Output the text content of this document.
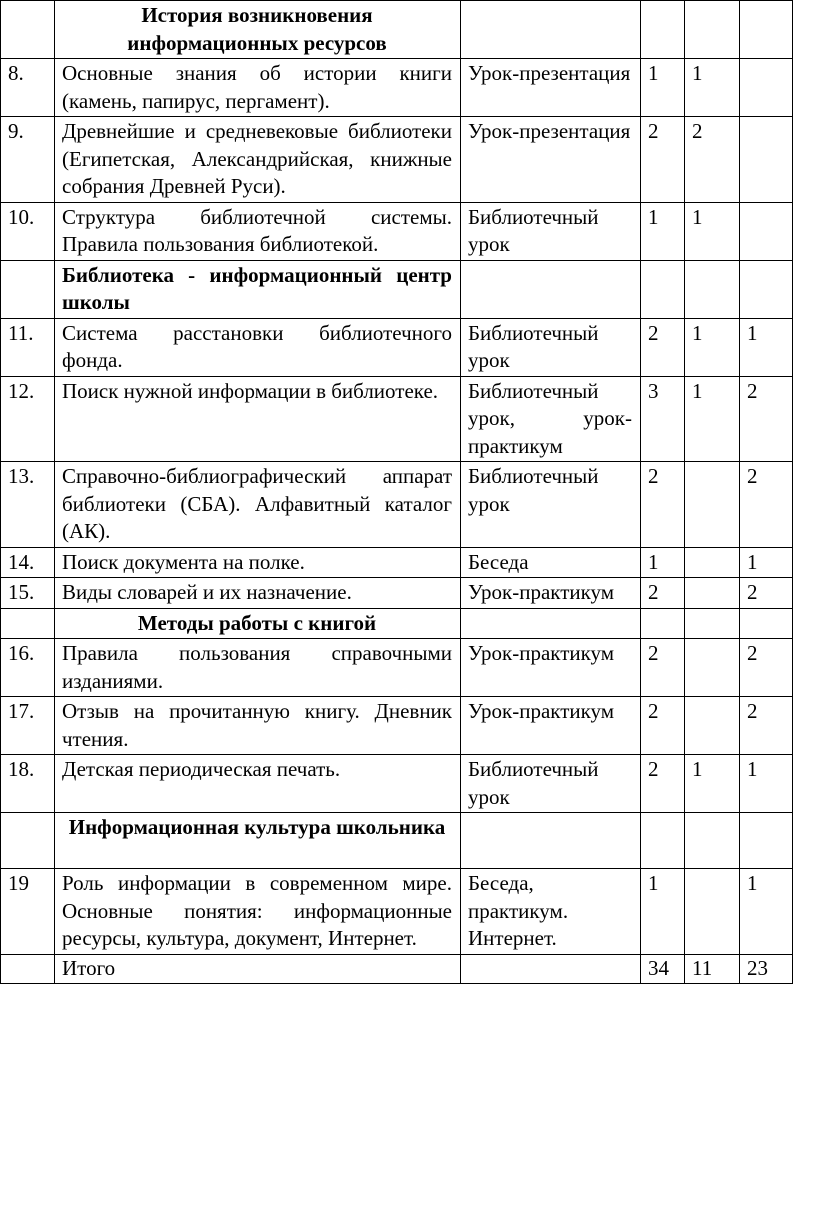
	История возникновения информационных ресурсов				
8.	Основные знания об истории книги (камень, папирус, пергамент).	Урок-презентация	1	1	
9.	Древнейшие и средневековые библиотеки (Египетская, Александрийская, книжные собрания Древней Руси).	Урок-презентация	2	2	
10.	Структура библиотечной системы. Правила пользования библиотекой.	Библиотечный урок	1	1	
	Библиотека - информационный центр школы				
11.	Система расстановки библиотечного фонда.	Библиотечный урок	2	1	1
12.	Поиск нужной информации в библиотеке.	Библиотечный урок, урок-практикум	3	1	2
13.	Справочно-библиографический аппарат библиотеки (СБА). Алфавитный каталог (АК).	Библиотечный урок	2		2
14.	Поиск документа на полке.	Беседа	1		1
15.	Виды словарей и их назначение.	Урок-практикум	2		2
	Методы работы с книгой				
16.	Правила пользования справочными изданиями.	Урок-практикум	2		2
17.	Отзыв на прочитанную книгу. Дневник чтения.	Урок-практикум	2		2
18.	Детская периодическая печать.	Библиотечный урок	2	1	1
	Информационная культура школьника				
19	Роль информации в современном мире. Основные понятия: информационные ресурсы, культура, документ, Интернет.	Беседа, практикум. Интернет.	1		1
	Итого		34	11	23
